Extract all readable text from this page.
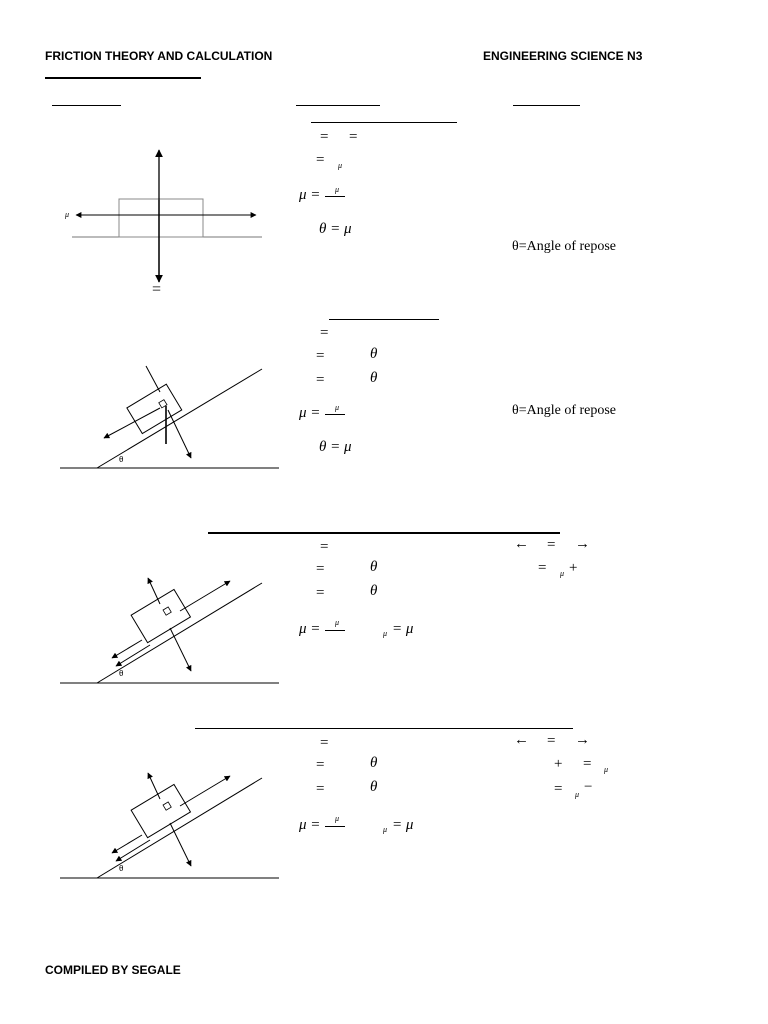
FRICTION THEORY AND CALCULATION	ENGINEERING SCIENCE N3
μ
=
θ
θ
θ
= =
= μ
μ = μ
θ = μ
θ=Angle of repose
=
=	θ
=	θ
μ = μ	θ=Angle of repose
θ = μ
=	← = →
=	θ	= μ +
=	θ
μ = μ
μ = μ
=	← = →
=	θ	+ = μ
=	θ	= μ −
μ = μ
μ = μ
COMPILED BY SEGALE
